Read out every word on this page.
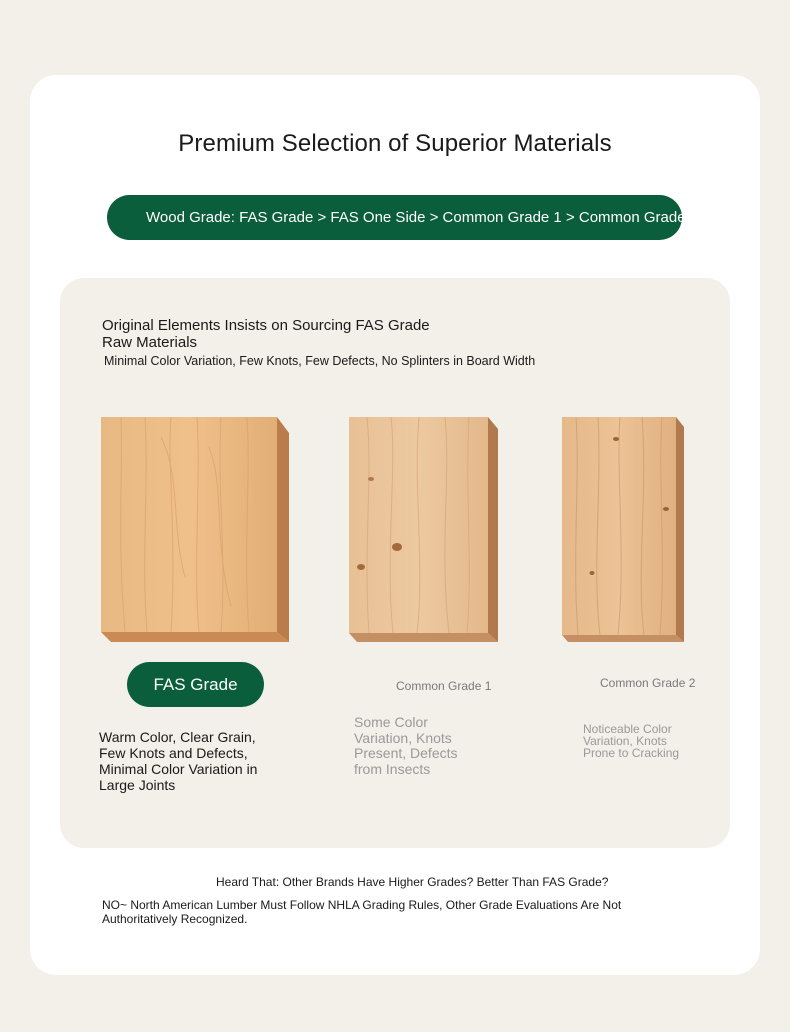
Premium Selection of Superior Materials
Wood Grade: FAS Grade > FAS One Side > Common Grade 1 > Common Grade 2
Original Elements Insists on Sourcing FAS Grade Raw Materials
Minimal Color Variation, Few Knots, Few Defects, No Splinters in Board Width
FAS Grade	Common Grade 1	Common Grade 2
Warm Color, Clear Grain, Few Knots and Defects, Minimal Color Variation in Large Joints
Some Color Variation, Knots Present, Defects from Insects
Noticeable Color Variation, Knots Prone to Cracking
Heard That: Other Brands Have Higher Grades? Better Than FAS Grade?
NO~ North American Lumber Must Follow NHLA Grading Rules, Other Grade Evaluations Are Not Authoritatively Recognized.
